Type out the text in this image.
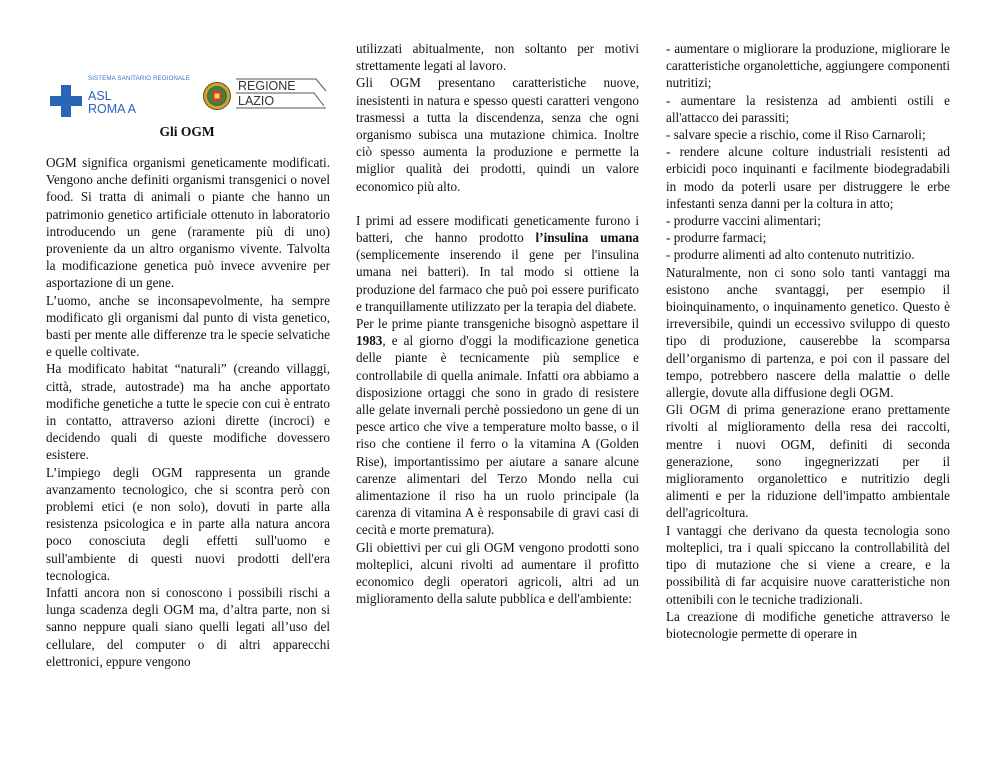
SISTEMA SANITARIO REGIONALE
ASL
ROMA A
REGIONE
LAZIO
Gli OGM

OGM significa organismi geneticamente modificati. Vengono anche definiti organismi transgenici o novel food. Si tratta di animali o piante che hanno un patrimonio genetico artificiale ottenuto in laboratorio introducendo un gene (raramente più di uno) proveniente da un altro organismo vivente. Talvolta la modificazione genetica può invece avvenire per asportazione di un gene.

L’uomo, anche se inconsapevolmente, ha sempre modificato gli organismi dal punto di vista genetico, basti per mente alle differenze tra le specie selvatiche e quelle coltivate.

Ha modificato habitat “naturali” (creando villaggi, città, strade, autostrade) ma ha anche apportato modifiche genetiche a tutte le specie con cui è entrato in contatto, attraverso azioni dirette (incroci) e decidendo quali di queste modifiche dovessero esistere.

L’impiego degli OGM rappresenta un grande avanzamento tecnologico, che si scontra però con problemi etici (e non solo), dovuti in parte alla resistenza psicologica e in parte alla natura ancora poco conosciuta degli effetti sull'uomo e sull'ambiente di questi nuovi prodotti dell'era tecnologica.

Infatti ancora non si conoscono i possibili rischi a lunga scadenza degli OGM ma, d’altra parte, non si sanno neppure quali siano quelli legati all’uso del cellulare, del computer o di altri apparecchi elettronici, eppure vengono

utilizzati abitualmente, non soltanto per motivi strettamente legati al lavoro.

Gli OGM presentano caratteristiche nuove, inesistenti in natura e spesso questi caratteri vengono trasmessi a tutta la discendenza, senza che ogni organismo subisca una mutazione chimica. Inoltre ciò spesso aumenta la produzione e permette la miglior qualità dei prodotti, quindi un valore economico più alto.

I primi ad essere modificati geneticamente furono i batteri, che hanno prodotto l’insulina umana (semplicemente inserendo il gene per l'insulina umana nei batteri). In tal modo si ottiene la produzione del farmaco che può poi essere purificato e tranquillamente utilizzato per la terapia del diabete.

Per le prime piante transgeniche bisognò aspettare il 1983, e al giorno d'oggi la modificazione genetica delle piante è tecnicamente più semplice e controllabile di quella animale. Infatti ora abbiamo a disposizione ortaggi che sono in grado di resistere alle gelate invernali perchè possiedono un gene di un pesce artico che vive a temperature molto basse, o il riso che contiene il ferro o la vitamina A (Golden Rise), importantissimo per aiutare a sanare alcune carenze alimentari del Terzo Mondo nella cui alimentazione il riso ha un ruolo principale (la carenza di vitamina A è responsabile di gravi casi di cecità e morte prematura).

Gli obiettivi per cui gli OGM vengono prodotti sono molteplici, alcuni rivolti ad aumentare il profitto economico degli operatori agricoli, altri ad un miglioramento della salute pubblica e dell'ambiente:

- aumentare o migliorare la produzione, migliorare le caratteristiche organolettiche, aggiungere componenti nutritizi;

- aumentare la resistenza ad ambienti ostili e all'attacco dei parassiti;

- salvare specie a rischio, come il Riso Carnaroli;

- rendere alcune colture industriali resistenti ad erbicidi poco inquinanti e facilmente biodegradabili in modo da poterli usare per distruggere le erbe infestanti senza danni per la coltura in atto;

- produrre vaccini alimentari;

- produrre farmaci;

- produrre alimenti ad alto contenuto nutritizio.

Naturalmente, non ci sono solo tanti vantaggi ma esistono anche svantaggi, per esempio il bioinquinamento, o inquinamento genetico. Questo è irreversibile, quindi un eccessivo sviluppo di questo tipo di produzione, causerebbe la scomparsa dell’organismo di partenza, e poi con il passare del tempo, potrebbero nascere della malattie o delle allergie, dovute alla diffusione degli OGM.

Gli OGM di prima generazione erano prettamente rivolti al miglioramento della resa dei raccolti, mentre i nuovi OGM, definiti di seconda generazione, sono ingegnerizzati per il miglioramento organolettico e nutritizio degli alimenti e per la riduzione dell'impatto ambientale dell'agricoltura.

I vantaggi che derivano da questa tecnologia sono molteplici, tra i quali spiccano la controllabilità del tipo di mutazione che si viene a creare, e la possibilità di far acquisire nuove caratteristiche non ottenibili con le tecniche tradizionali.

La creazione di modifiche genetiche attraverso le biotecnologie permette di operare in
